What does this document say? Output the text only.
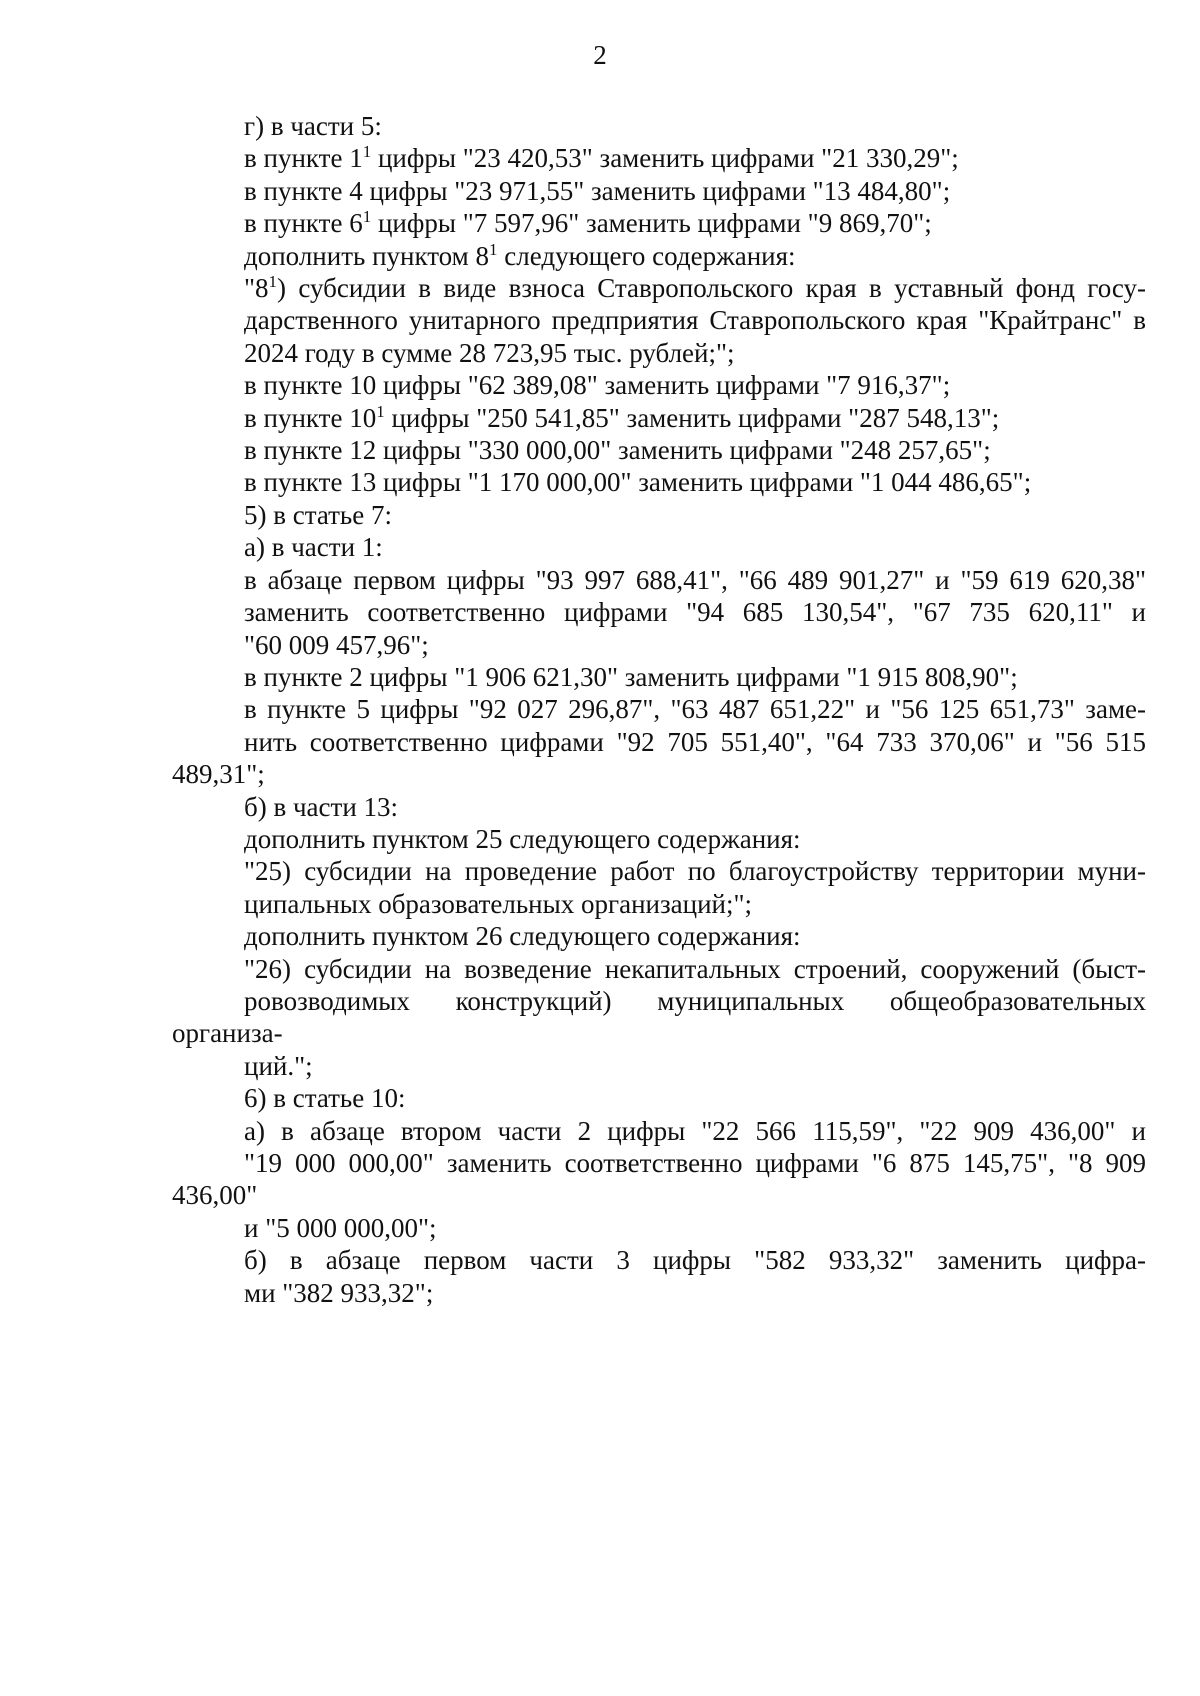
2

г) в части 5:

в пункте $1^1$ цифры "23 420,53" заменить цифрами "21 330,29";

в пункте 4 цифры "23 971,55" заменить цифрами "13 484,80";

в пункте $6^1$ цифры "7 597,96" заменить цифрами "9 869,70";

дополнить пунктом $8^1$ следующего содержания:

"$8^1$) субсидии в виде взноса Ставропольского края в уставный фонд госу-
дарственного унитарного предприятия Ставропольского края "Крайтранс" в
2024 году в сумме 28 723,95 тыс. рублей;";

в пункте 10 цифры "62 389,08" заменить цифрами "7 916,37";

в пункте $10^1$ цифры "250 541,85" заменить цифрами "287 548,13";

в пункте 12 цифры "330 000,00" заменить цифрами "248 257,65";

в пункте 13 цифры "1 170 000,00" заменить цифрами "1 044 486,65";

5) в статье 7:

а) в части 1:

в абзаце первом цифры "93 997 688,41", "66 489 901,27" и "59 619 620,38"
заменить соответственно цифрами "94 685 130,54", "67 735 620,11" и
"60 009 457,96";

в пункте 2 цифры "1 906 621,30" заменить цифрами "1 915 808,90";

в пункте 5 цифры "92 027 296,87", "63 487 651,22" и "56 125 651,73" заме-
нить соответственно цифрами "92 705 551,40", "64 733 370,06" и "56 515 489,31";

б) в части 13:

дополнить пунктом 25 следующего содержания:

"25) субсидии на проведение работ по благоустройству территории муни-
ципальных образовательных организаций;";

дополнить пунктом 26 следующего содержания:

"26) субсидии на возведение некапитальных строений, сооружений (быст-
ровозводимых конструкций) муниципальных общеобразовательных организа-
ций.";

6) в статье 10:

а) в абзаце втором части 2 цифры "22 566 115,59", "22 909 436,00" и
"19 000 000,00" заменить соответственно цифрами "6 875 145,75", "8 909 436,00"
и "5 000 000,00";

б) в абзаце первом части 3 цифры "582 933,32" заменить цифра-
ми "382 933,32";
